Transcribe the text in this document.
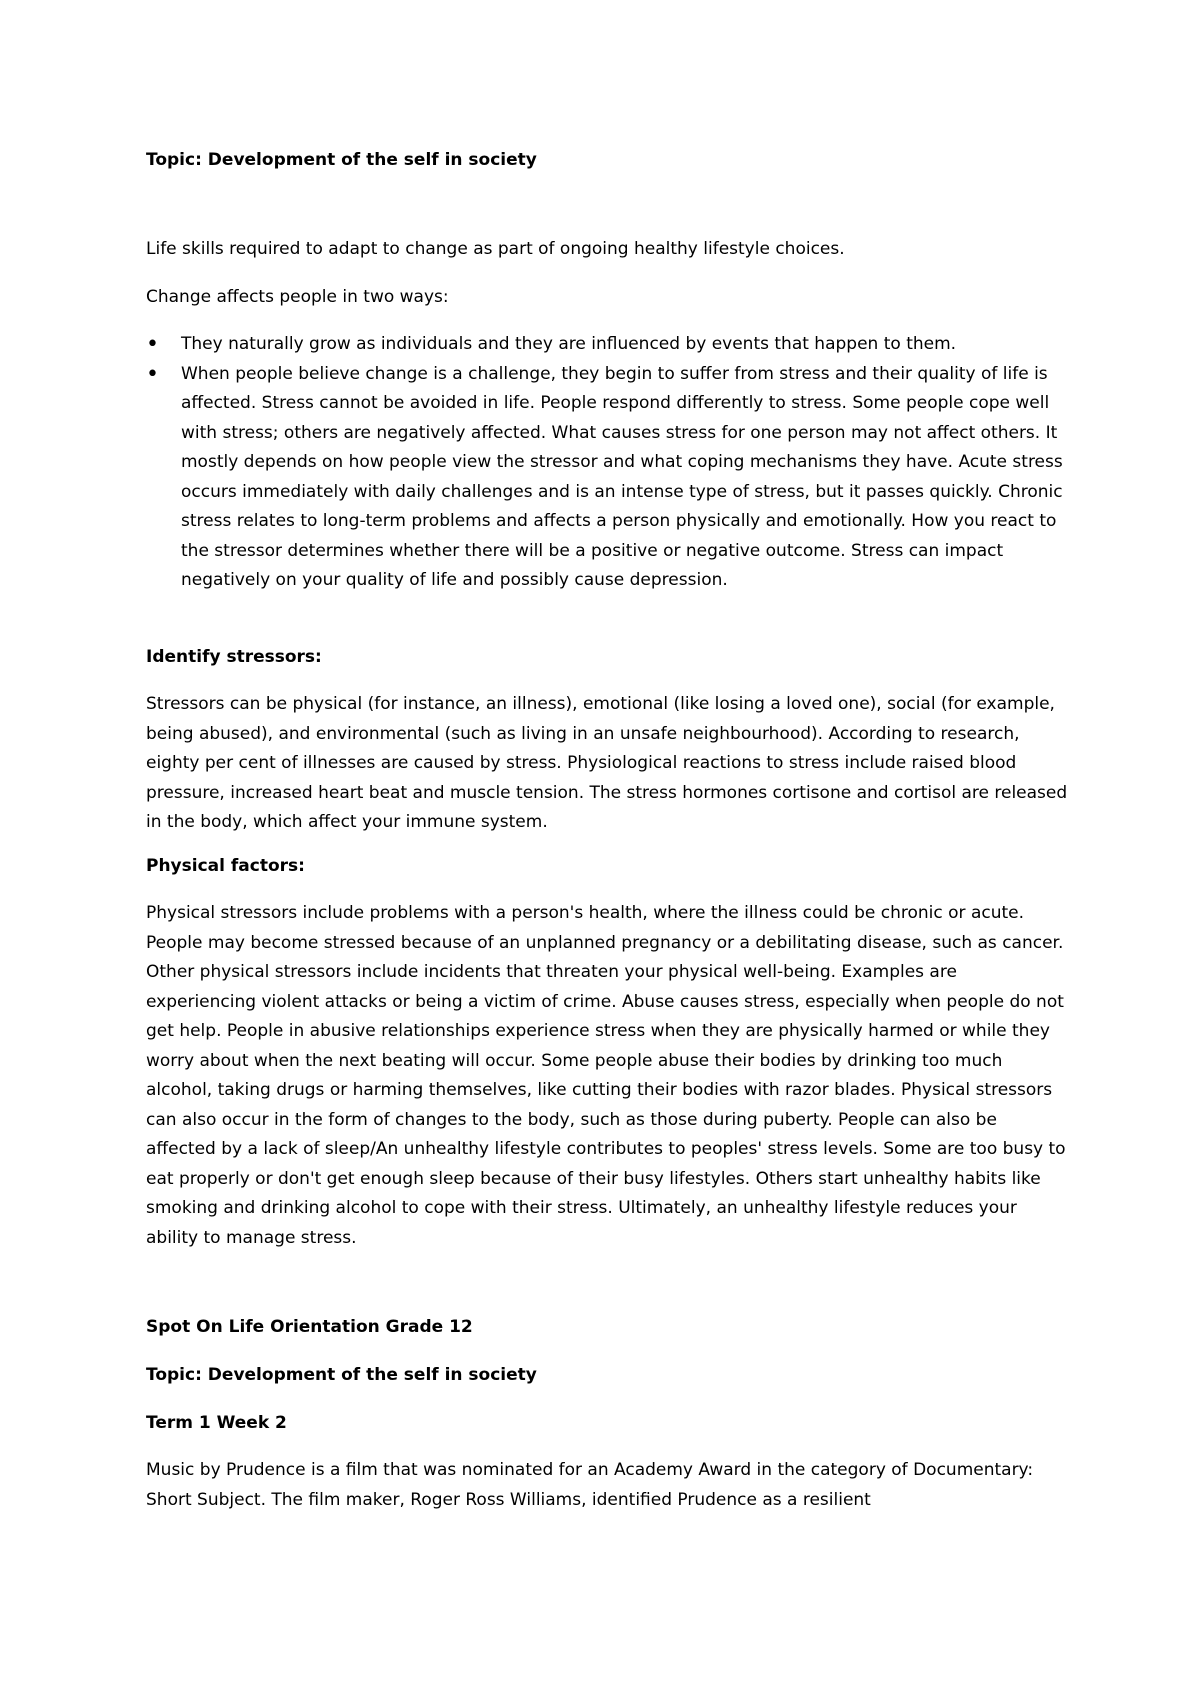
Topic: Development of the self in society

Life skills required to adapt to change as part of ongoing healthy lifestyle choices.

Change affects people in two ways:

• They naturally grow as individuals and they are influenced by events that happen to them.
• When people believe change is a challenge, they begin to suffer from stress and their quality of life is affected. Stress cannot be avoided in life. People respond differently to stress. Some people cope well with stress; others are negatively affected. What causes stress for one person may not affect others. It mostly depends on how people view the stressor and what coping mechanisms they have. Acute stress occurs immediately with daily challenges and is an intense type of stress, but it passes quickly. Chronic stress relates to long-term problems and affects a person physically and emotionally. How you react to the stressor determines whether there will be a positive or negative outcome. Stress can impact negatively on your quality of life and possibly cause depression.

Identify stressors:

Stressors can be physical (for instance, an illness), emotional (like losing a loved one), social (for example, being abused), and environmental (such as living in an unsafe neighbourhood). According to research, eighty per cent of illnesses are caused by stress. Physiological reactions to stress include raised blood pressure, increased heart beat and muscle tension. The stress hormones cortisone and cortisol are released in the body, which affect your immune system.

Physical factors:

Physical stressors include problems with a person's health, where the illness could be chronic or acute. People may become stressed because of an unplanned pregnancy or a debilitating disease, such as cancer. Other physical stressors include incidents that threaten your physical well-being. Examples are experiencing violent attacks or being a victim of crime. Abuse causes stress, especially when people do not get help. People in abusive relationships experience stress when they are physically harmed or while they worry about when the next beating will occur. Some people abuse their bodies by drinking too much alcohol, taking drugs or harming themselves, like cutting their bodies with razor blades. Physical stressors can also occur in the form of changes to the body, such as those during puberty. People can also be affected by a lack of sleep/An unhealthy lifestyle contributes to peoples' stress levels. Some are too busy to eat properly or don't get enough sleep because of their busy lifestyles. Others start unhealthy habits like smoking and drinking alcohol to cope with their stress. Ultimately, an unhealthy lifestyle reduces your ability to manage stress.

Spot On Life Orientation Grade 12

Topic: Development of the self in society

Term 1 Week 2

Music by Prudence is a film that was nominated for an Academy Award in the category of Documentary: Short Subject. The film maker, Roger Ross Williams, identified Prudence as a resilient
